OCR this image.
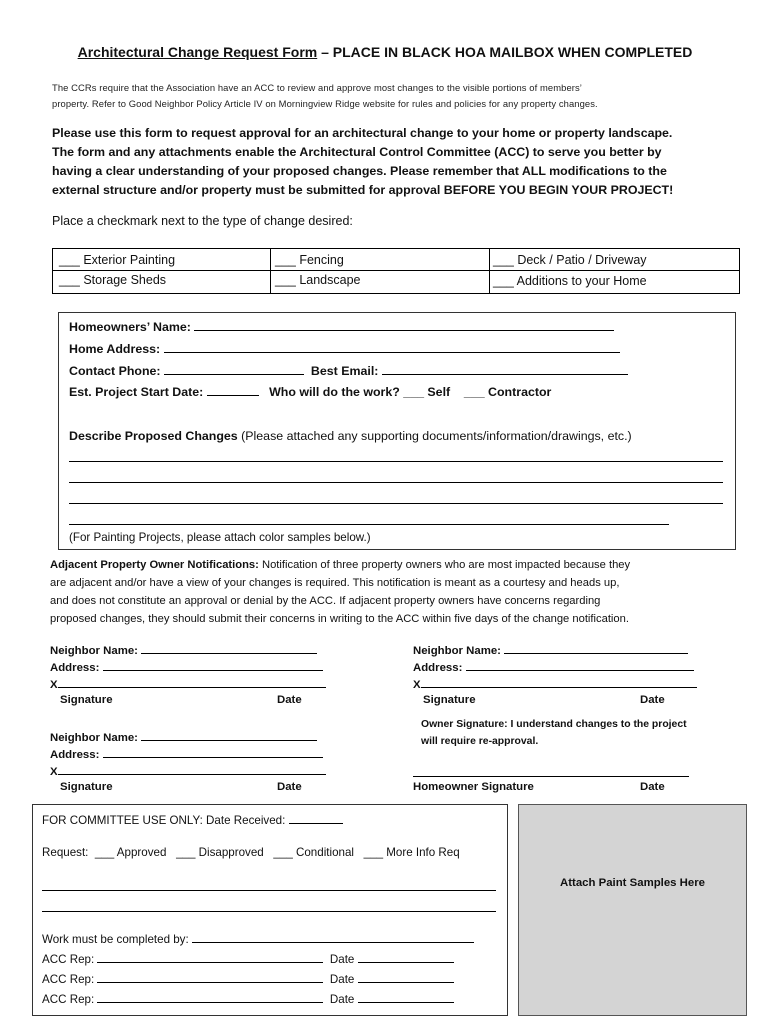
Architectural Change Request Form – PLACE IN BLACK HOA MAILBOX WHEN COMPLETED
The CCRs require that the Association have an ACC to review and approve most changes to the visible portions of members’
property. Refer to Good Neighbor Policy Article IV on Morningview Ridge website for rules and policies for any property changes.
Please use this form to request approval for an architectural change to your home or property landscape.
The form and any attachments enable the Architectural Control Committee (ACC) to serve you better by
having a clear understanding of your proposed changes. Please remember that ALL modifications to the
external structure and/or property must be submitted for approval BEFORE YOU BEGIN YOUR PROJECT!
Place a checkmark next to the type of change desired:
___ Exterior Painting	___ Fencing	___ Deck / Patio / Driveway
___ Storage Sheds	___ Landscape	___ Additions to your Home
Homeowners’ Name:
Home Address:
Contact Phone:	Best Email:
Est. Project Start Date:	Who will do the work? ___ Self ___ Contractor
Describe Proposed Changes (Please attached any supporting documents/information/drawings, etc.)
(For Painting Projects, please attach color samples below.)
Adjacent Property Owner Notifications: Notification of three property owners who are most impacted because they
are adjacent and/or have a view of your changes is required. This notification is meant as a courtesy and heads up,
and does not constitute an approval or denial by the ACC. If adjacent property owners have concerns regarding
proposed changes, they should submit their concerns in writing to the ACC within five days of the change notification.
Neighbor Name:
Address:
X
Signature	Date
Neighbor Name:
Address:
X
Signature	Date
Neighbor Name:
Address:
X
Signature	Date
Owner Signature: I understand changes to the project
will require re-approval.
Homeowner Signature	Date
FOR COMMITTEE USE ONLY: Date Received:
Request: ___ Approved ___ Disapproved ___ Conditional ___ More Info Req
Work must be completed by:
ACC Rep:	Date
ACC Rep:	Date
ACC Rep:	Date
Attach Paint Samples Here
